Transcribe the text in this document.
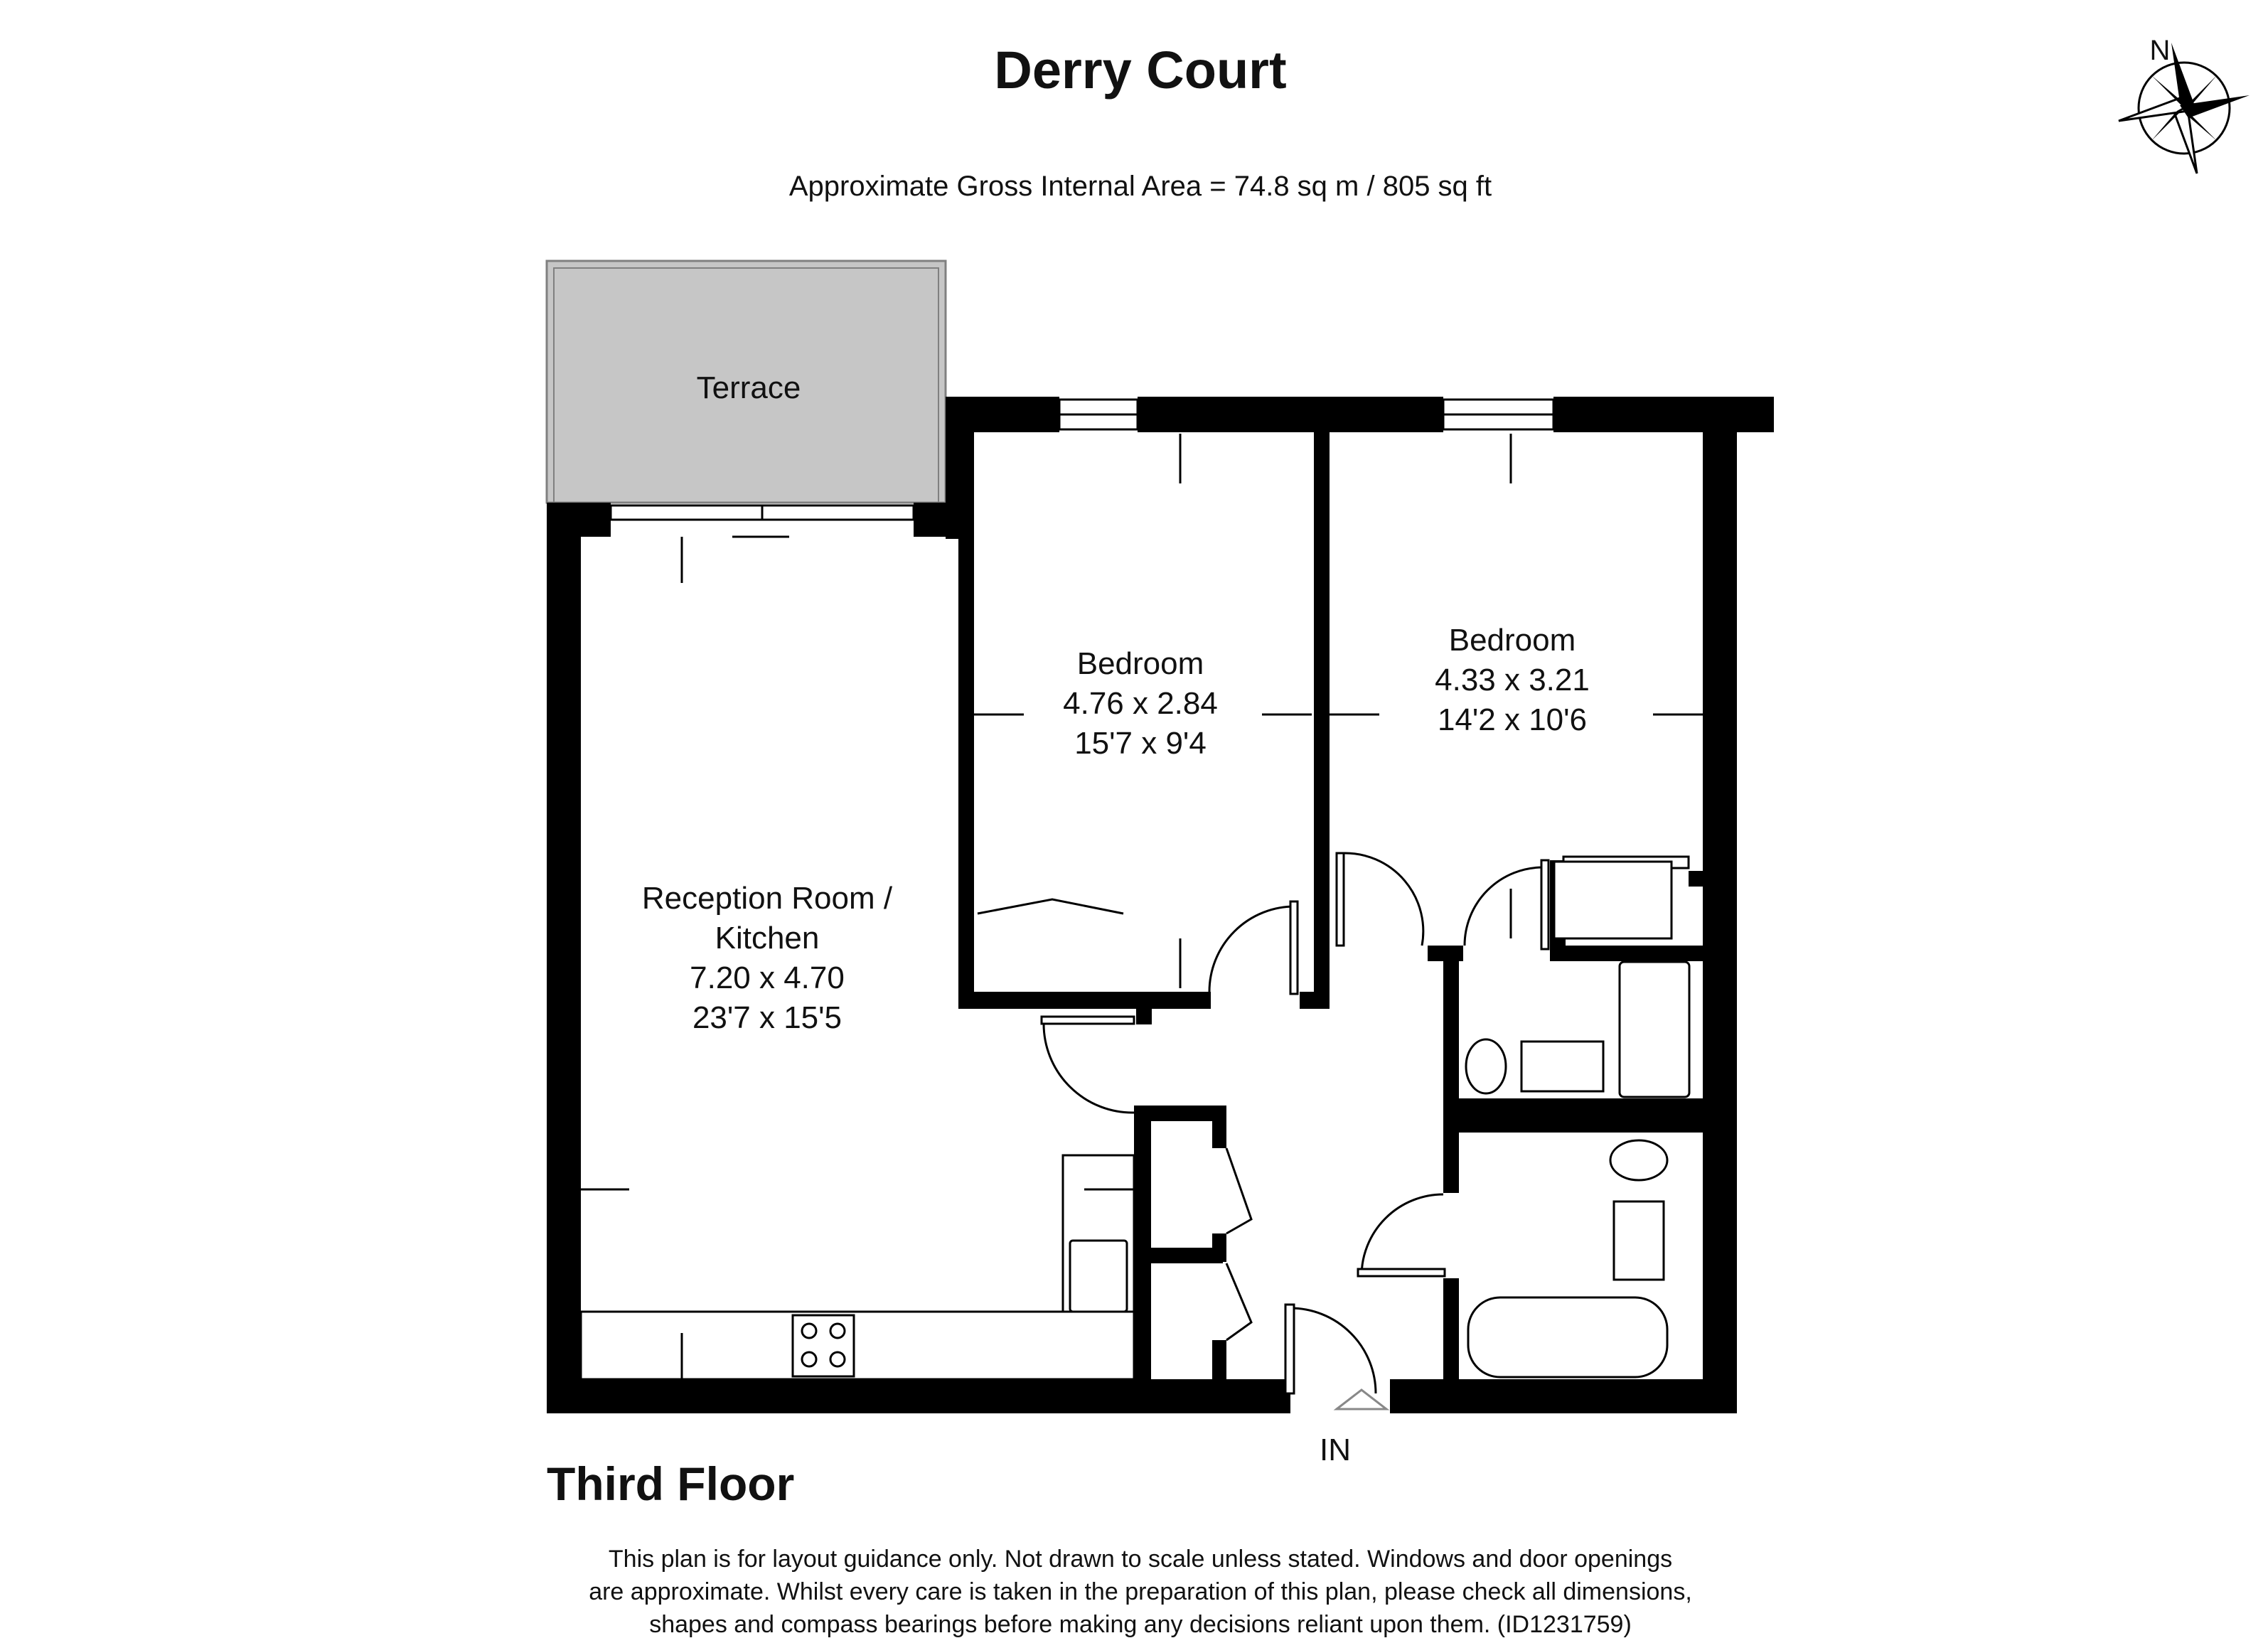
Derry Court
Approximate Gross Internal Area = 74.8 sq m / 805 sq ft
N
Terrace
Reception Room /
Kitchen
7.20 x 4.70
23'7 x 15'5
Bedroom
4.76 x 2.84
15'7 x 9'4
Bedroom
4.33 x 3.21
14'2 x 10'6
IN
Third Floor
This plan is for layout guidance only. Not drawn to scale unless stated. Windows and door openings
are approximate. Whilst every care is taken in the preparation of this plan, please check all dimensions,
shapes and compass bearings before making any decisions reliant upon them. (ID1231759)
